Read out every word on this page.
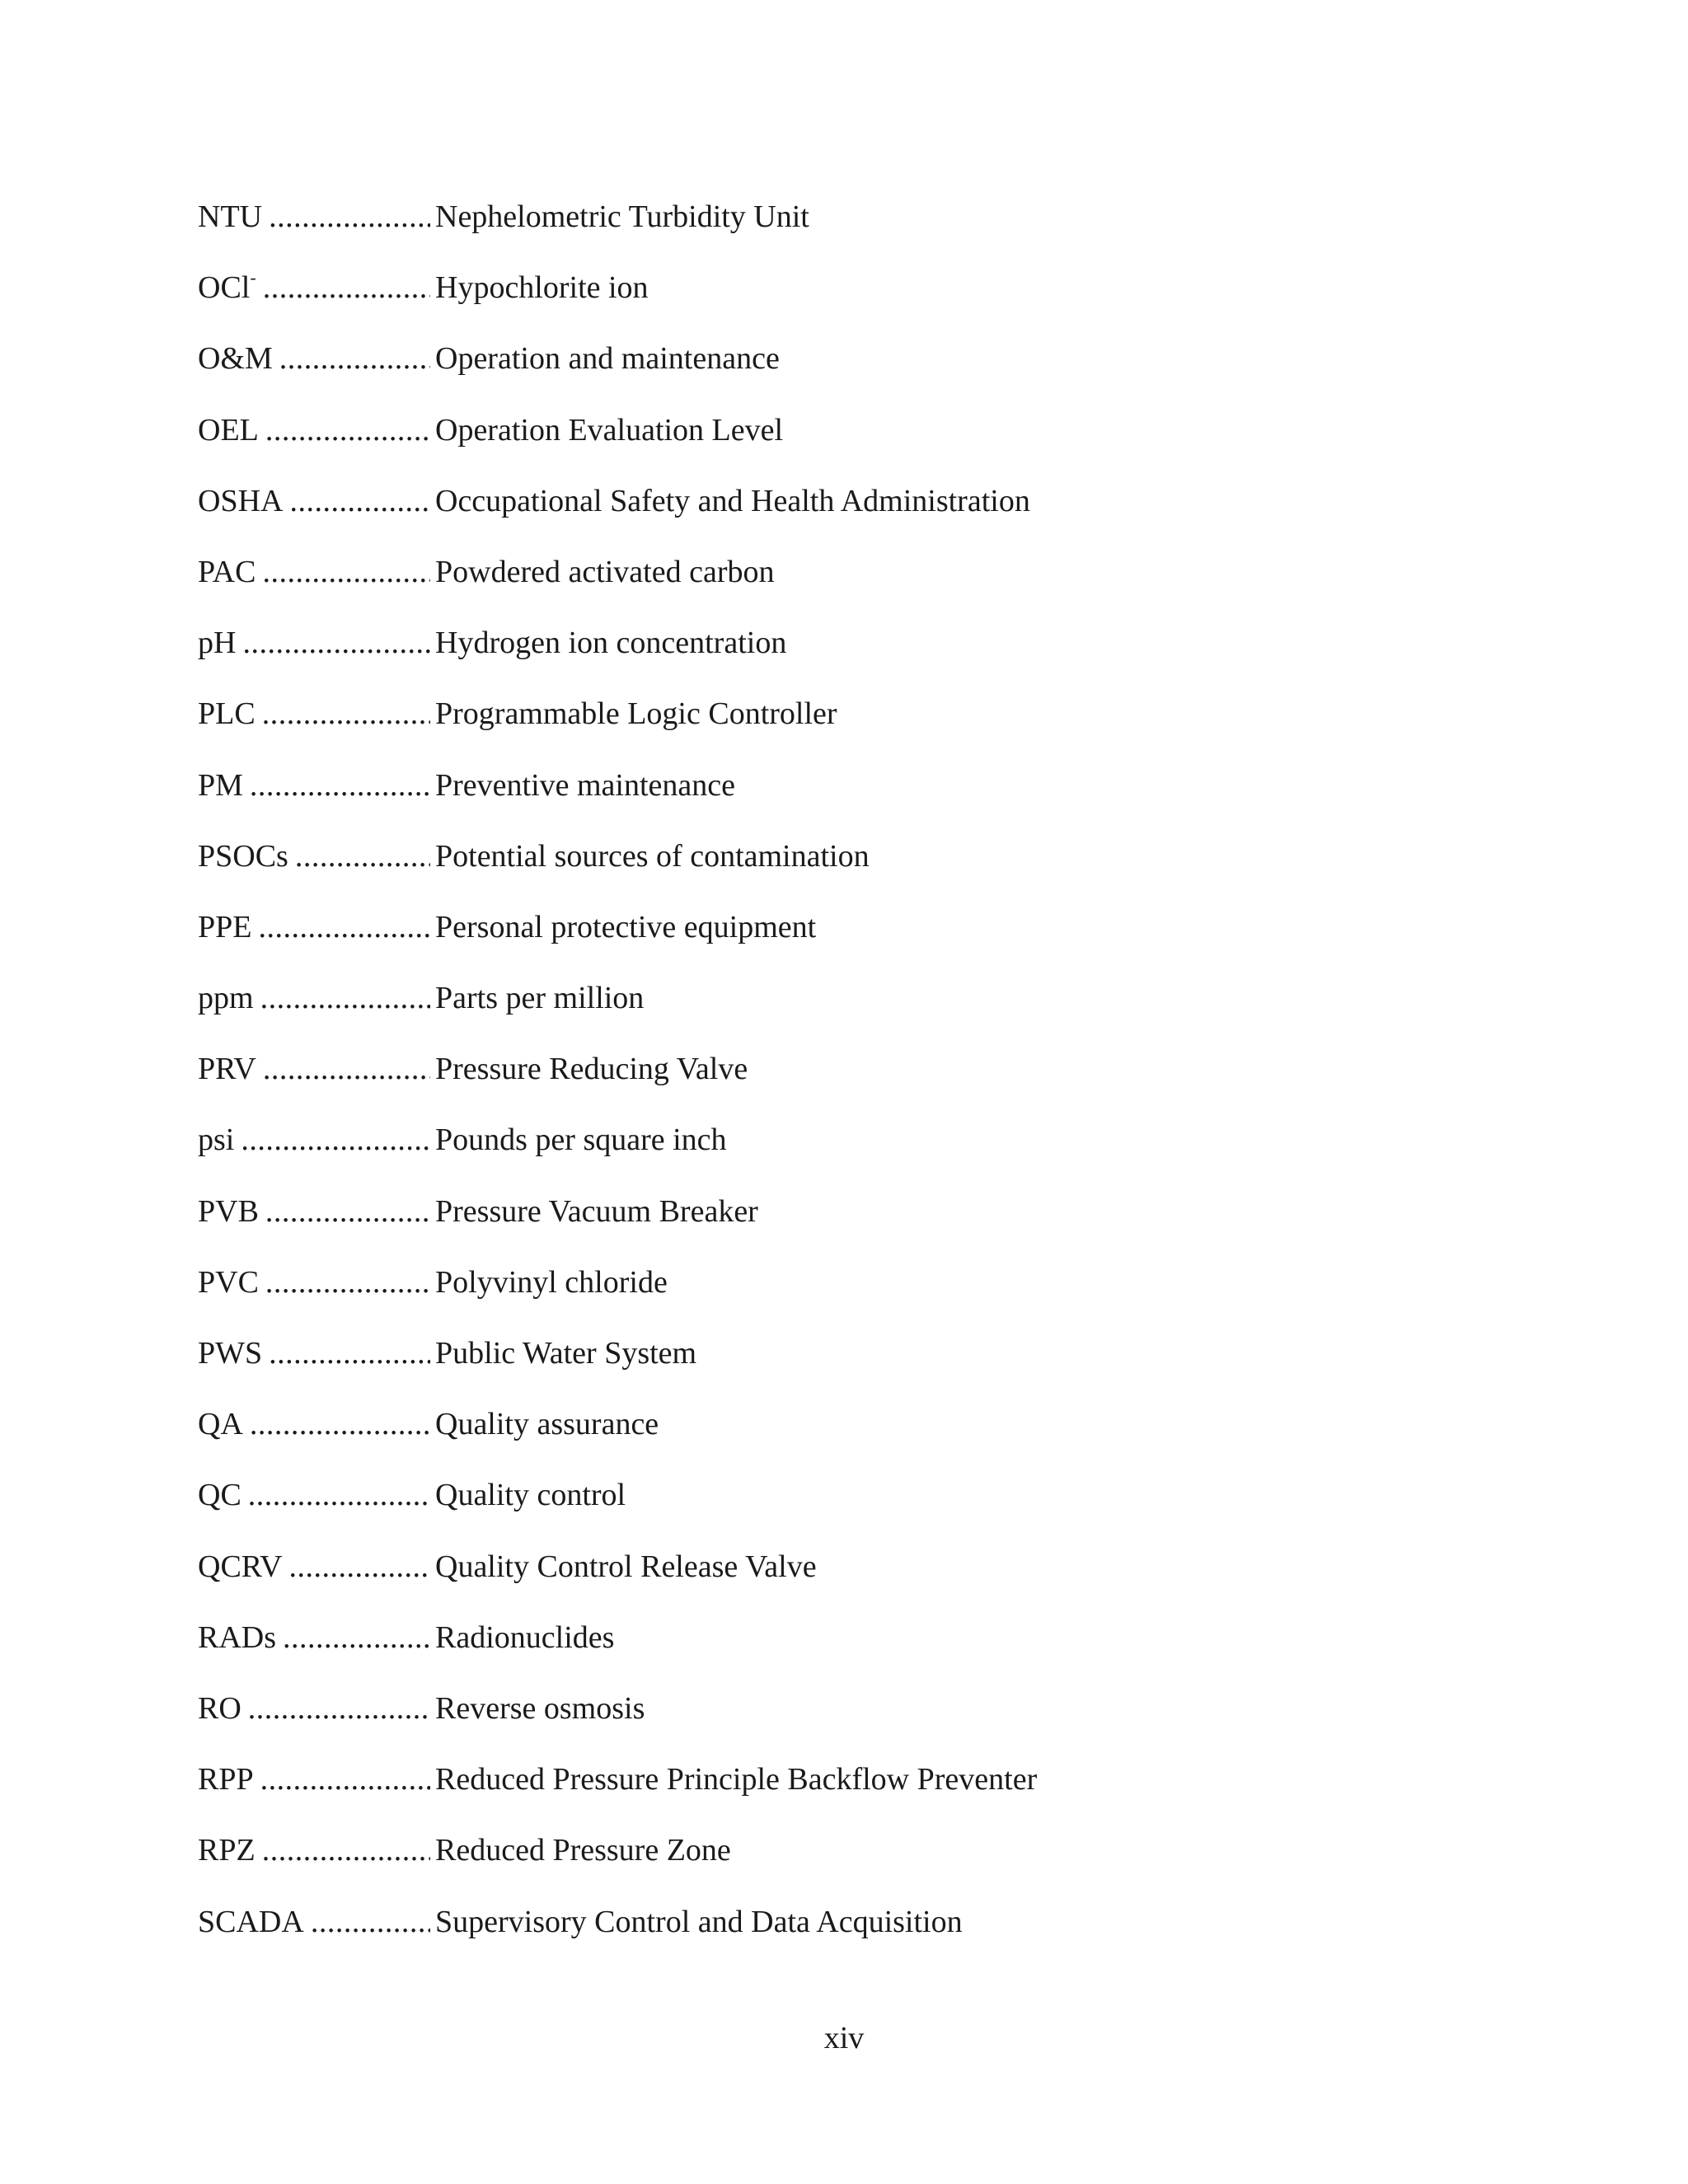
NTU .....	Nephelometric Turbidity Unit
OCl- .....	Hypochlorite ion
O&M .....	Operation and maintenance
OEL .....	Operation Evaluation Level
OSHA .....	Occupational Safety and Health Administration
PAC .....	Powdered activated carbon
pH .....	Hydrogen ion concentration
PLC .....	Programmable Logic Controller
PM .....	Preventive maintenance
PSOCs .....	Potential sources of contamination
PPE .....	Personal protective equipment
ppm .....	Parts per million
PRV .....	Pressure Reducing Valve
psi .....	Pounds per square inch
PVB .....	Pressure Vacuum Breaker
PVC .....	Polyvinyl chloride
PWS .....	Public Water System
QA .....	Quality assurance
QC .....	Quality control
QCRV .....	Quality Control Release Valve
RADs .....	Radionuclides
RO .....	Reverse osmosis
RPP .....	Reduced Pressure Principle Backflow Preventer
RPZ .....	Reduced Pressure Zone
SCADA .....	Supervisory Control and Data Acquisition
xiv
